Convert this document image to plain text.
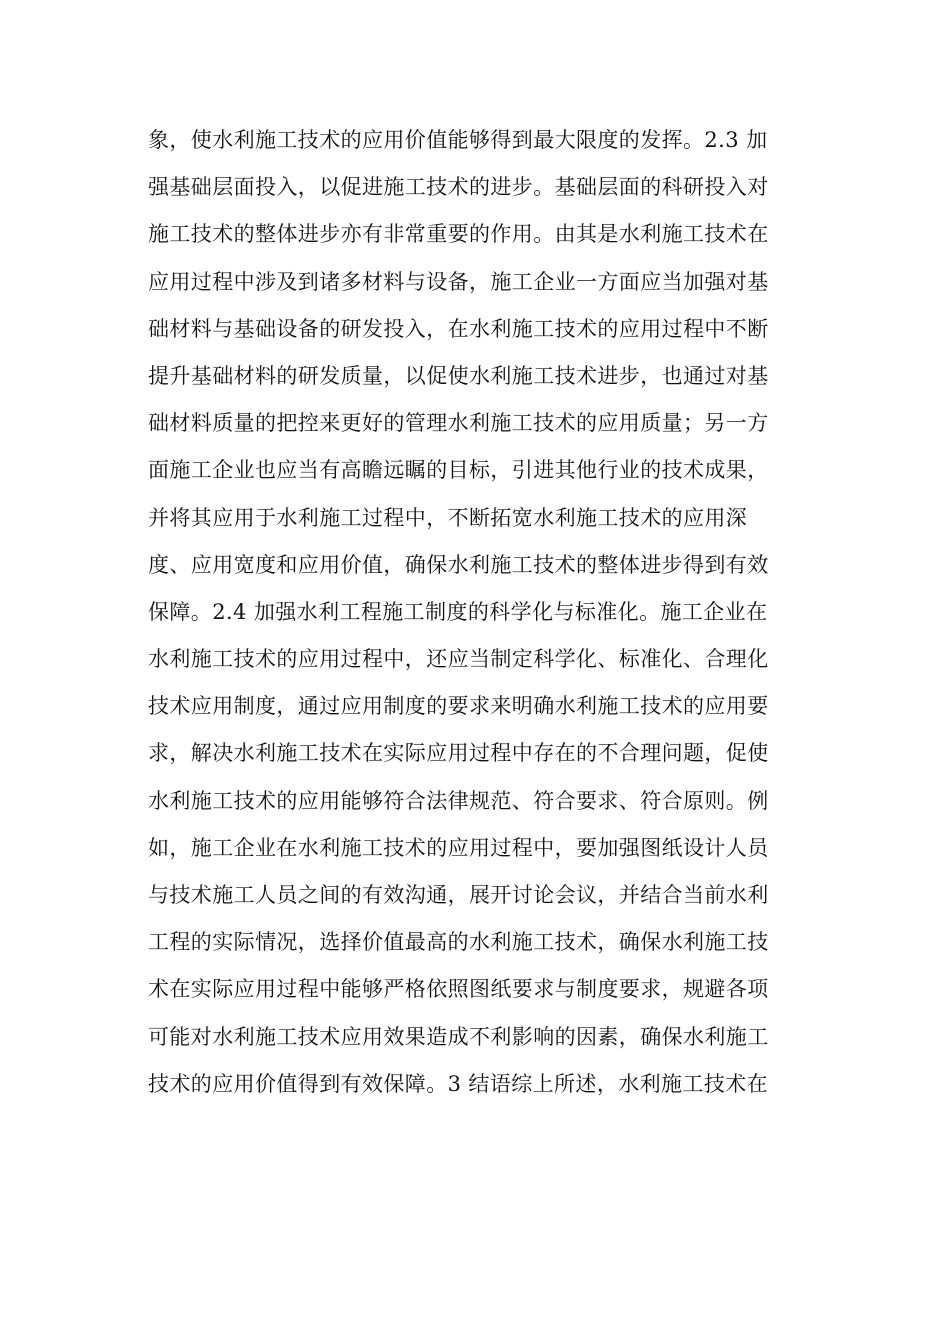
象，使水利施工技术的应用价值能够得到最大限度的发挥。2.3 加
强基础层面投入，以促进施工技术的进步。基础层面的科研投入对
施工技术的整体进步亦有非常重要的作用。由其是水利施工技术在
应用过程中涉及到诸多材料与设备，施工企业一方面应当加强对基
础材料与基础设备的研发投入，在水利施工技术的应用过程中不断
提升基础材料的研发质量，以促使水利施工技术进步，也通过对基
础材料质量的把控来更好的管理水利施工技术的应用质量；另一方
面施工企业也应当有高瞻远瞩的目标，引进其他行业的技术成果，
并将其应用于水利施工过程中，不断拓宽水利施工技术的应用深
度、应用宽度和应用价值，确保水利施工技术的整体进步得到有效
保障。2.4 加强水利工程施工制度的科学化与标准化。施工企业在
水利施工技术的应用过程中，还应当制定科学化、标准化、合理化
技术应用制度，通过应用制度的要求来明确水利施工技术的应用要
求，解决水利施工技术在实际应用过程中存在的不合理问题，促使
水利施工技术的应用能够符合法律规范、符合要求、符合原则。例
如，施工企业在水利施工技术的应用过程中，要加强图纸设计人员
与技术施工人员之间的有效沟通，展开讨论会议，并结合当前水利
工程的实际情况，选择价值最高的水利施工技术，确保水利施工技
术在实际应用过程中能够严格依照图纸要求与制度要求，规避各项
可能对水利施工技术应用效果造成不利影响的因素，确保水利施工
技术的应用价值得到有效保障。3 结语综上所述，水利施工技术在
